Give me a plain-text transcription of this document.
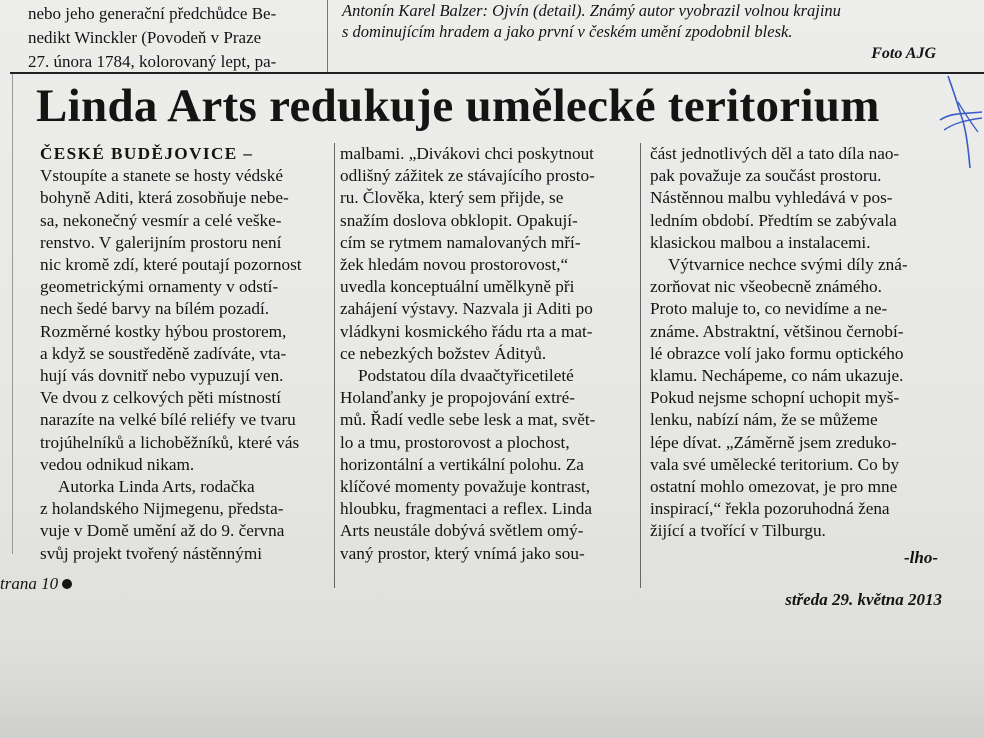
nebo jeho generační předchůdce Be-
nedikt Winckler (Povodeň v Praze
27. února 1784, kolorovaný lept, pa-
Antonín Karel Balzer: Ojvín (detail). Známý autor vyobrazil volnou krajinu
s dominujícím hradem a jako první v českém umění zpodobnil blesk.
Foto AJG
Linda Arts redukuje umělecké teritorium
ČESKÉ BUDĚJOVICE –
Vstoupíte a stanete se hosty védské
bohyně Aditi, která zosobňuje nebe-
sa, nekonečný vesmír a celé veške-
renstvo. V galerijním prostoru není
nic kromě zdí, které poutají pozornost
geometrickými ornamenty v odstí-
nech šedé barvy na bílém pozadí.
Rozměrné kostky hýbou prostorem,
a když se soustředěně zadíváte, vta-
hují vás dovnitř nebo vypuzují ven.
Ve dvou z celkových pěti místností
narazíte na velké bílé reliéfy ve tvaru
trojúhelníků a lichoběžníků, které vás
vedou odnikud nikam.
Autorka Linda Arts, rodačka
z holandského Nijmegenu, předsta-
vuje v Domě umění až do 9. června
svůj projekt tvořený nástěnnými
malbami. „Divákovi chci poskytnout
odlišný zážitek ze stávajícího prosto-
ru. Člověka, který sem přijde, se
snažím doslova obklopit. Opakují-
cím se rytmem namalovaných mří-
žek hledám novou prostorovost,“
uvedla konceptuální umělkyně při
zahájení výstavy. Nazvala ji Aditi po
vládkyni kosmického řádu rta a mat-
ce nebezkých božstev Ádityů.
Podstatou díla dvaačtyřicetileté
Holanďanky je propojování extré-
mů. Řadí vedle sebe lesk a mat, svět-
lo a tmu, prostorovost a plochost,
horizontální a vertikální polohu. Za
klíčové momenty považuje kontrast,
hloubku, fragmentaci a reflex. Linda
Arts neustále dobývá světlem omý-
vaný prostor, který vnímá jako sou-
část jednotlivých děl a tato díla nao-
pak považuje za součást prostoru.
Nástěnnou malbu vyhledává v pos-
ledním období. Předtím se zabývala
klasickou malbou a instalacemi.
Výtvarnice nechce svými díly zná-
zorňovat nic všeobecně známého.
Proto maluje to, co nevidíme a ne-
známe. Abstraktní, většinou černobí-
lé obrazce volí jako formu optického
klamu. Nechápeme, co nám ukazuje.
Pokud nejsme schopní uchopit myš-
lenku, nabízí nám, že se můžeme
lépe dívat. „Záměrně jsem zreduko-
vala své umělecké teritorium. Co by
ostatní mohlo omezovat, je pro mne
inspirací,“ řekla pozoruhodná žena
žijící a tvořící v Tilburgu.
-lho-
trana 10
středa 29. května 2013
